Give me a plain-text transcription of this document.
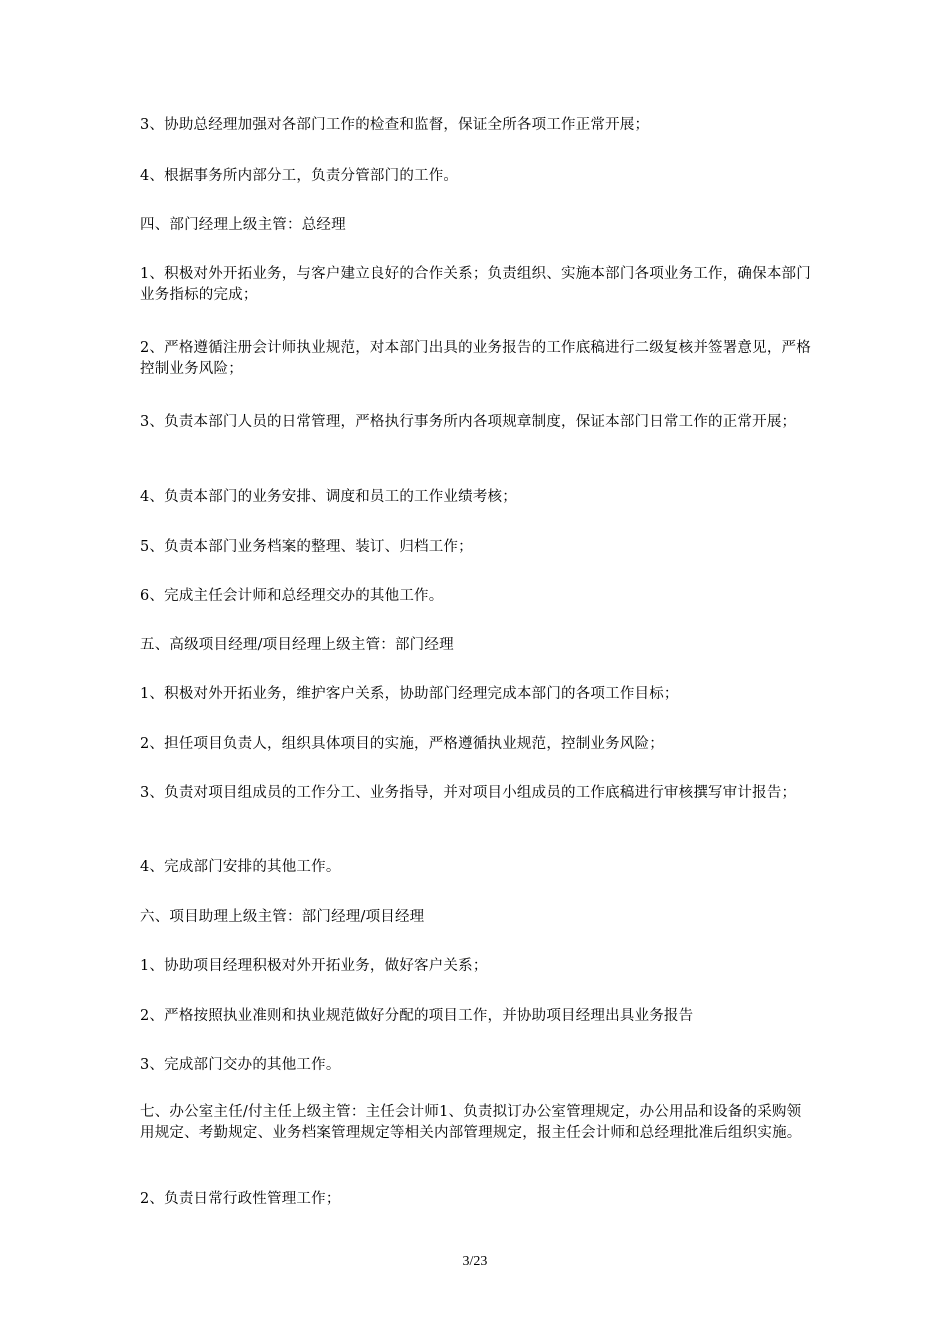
3、协助总经理加强对各部门工作的检查和监督，保证全所各项工作正常开展；

4、根据事务所内部分工，负责分管部门的工作。

四、部门经理上级主管：总经理

1、积极对外开拓业务，与客户建立良好的合作关系；负责组织、实施本部门各项业务工作，确保本部门业务指标的完成；

2、严格遵循注册会计师执业规范，对本部门出具的业务报告的工作底稿进行二级复核并签署意见，严格控制业务风险；

3、负责本部门人员的日常管理，严格执行事务所内各项规章制度，保证本部门日常工作的正常开展；

4、负责本部门的业务安排、调度和员工的工作业绩考核；

5、负责本部门业务档案的整理、装订、归档工作；

6、完成主任会计师和总经理交办的其他工作。

五、高级项目经理/项目经理上级主管：部门经理

1、积极对外开拓业务，维护客户关系，协助部门经理完成本部门的各项工作目标；

2、担任项目负责人，组织具体项目的实施，严格遵循执业规范，控制业务风险；

3、负责对项目组成员的工作分工、业务指导，并对项目小组成员的工作底稿进行审核撰写审计报告；

4、完成部门安排的其他工作。

六、项目助理上级主管：部门经理/项目经理

1、协助项目经理积极对外开拓业务，做好客户关系；

2、严格按照执业准则和执业规范做好分配的项目工作，并协助项目经理出具业务报告

3、完成部门交办的其他工作。

七、办公室主任/付主任上级主管：主任会计师1、负责拟订办公室管理规定，办公用品和设备的采购领用规定、考勤规定、业务档案管理规定等相关内部管理规定，报主任会计师和总经理批准后组织实施。

2、负责日常行政性管理工作；

3/23
